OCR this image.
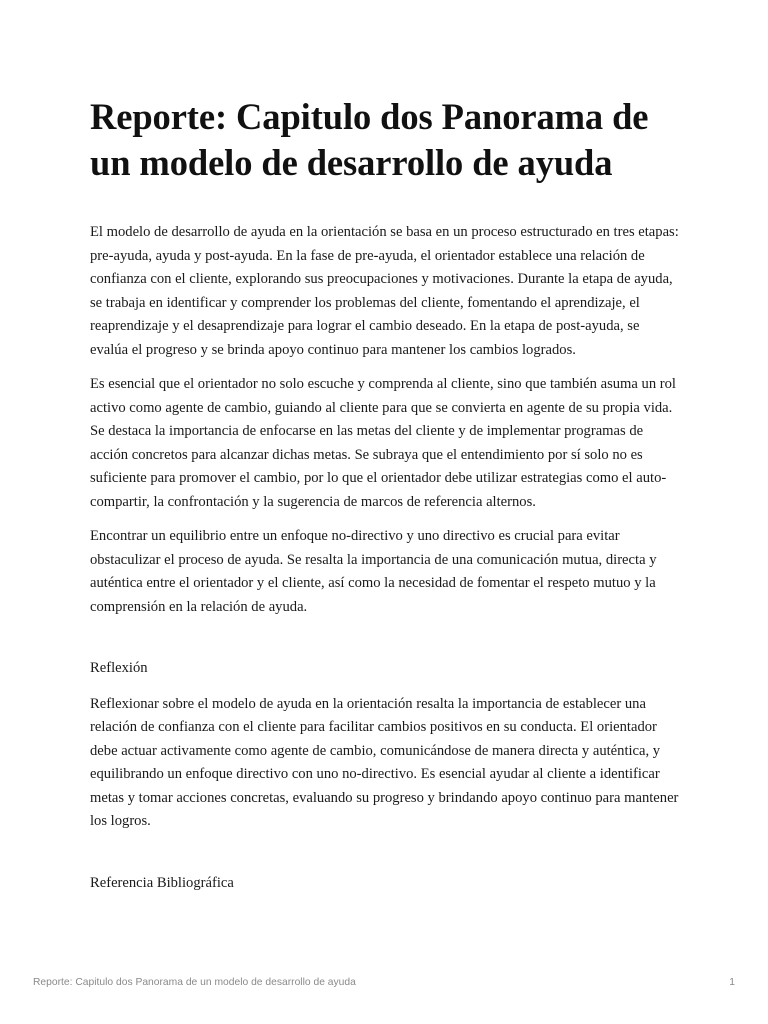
Reporte: Capitulo dos Panorama de un modelo de desarrollo de ayuda

El modelo de desarrollo de ayuda en la orientación se basa en un proceso estructurado en tres etapas: pre-ayuda, ayuda y post-ayuda. En la fase de pre-ayuda, el orientador establece una relación de confianza con el cliente, explorando sus preocupaciones y motivaciones. Durante la etapa de ayuda, se trabaja en identificar y comprender los problemas del cliente, fomentando el aprendizaje, el reaprendizaje y el desaprendizaje para lograr el cambio deseado. En la etapa de post-ayuda, se evalúa el progreso y se brinda apoyo continuo para mantener los cambios logrados.

Es esencial que el orientador no solo escuche y comprenda al cliente, sino que también asuma un rol activo como agente de cambio, guiando al cliente para que se convierta en agente de su propia vida. Se destaca la importancia de enfocarse en las metas del cliente y de implementar programas de acción concretos para alcanzar dichas metas. Se subraya que el entendimiento por sí solo no es suficiente para promover el cambio, por lo que el orientador debe utilizar estrategias como el auto-compartir, la confrontación y la sugerencia de marcos de referencia alternos.

Encontrar un equilibrio entre un enfoque no-directivo y uno directivo es crucial para evitar obstaculizar el proceso de ayuda. Se resalta la importancia de una comunicación mutua, directa y auténtica entre el orientador y el cliente, así como la necesidad de fomentar el respeto mutuo y la comprensión en la relación de ayuda.

Reflexión

Reflexionar sobre el modelo de ayuda en la orientación resalta la importancia de establecer una relación de confianza con el cliente para facilitar cambios positivos en su conducta. El orientador debe actuar activamente como agente de cambio, comunicándose de manera directa y auténtica, y equilibrando un enfoque directivo con uno no-directivo. Es esencial ayudar al cliente a identificar metas y tomar acciones concretas, evaluando su progreso y brindando apoyo continuo para mantener los logros.

Referencia Bibliográfica
Reporte: Capitulo dos Panorama de un modelo de desarrollo de ayuda	1
